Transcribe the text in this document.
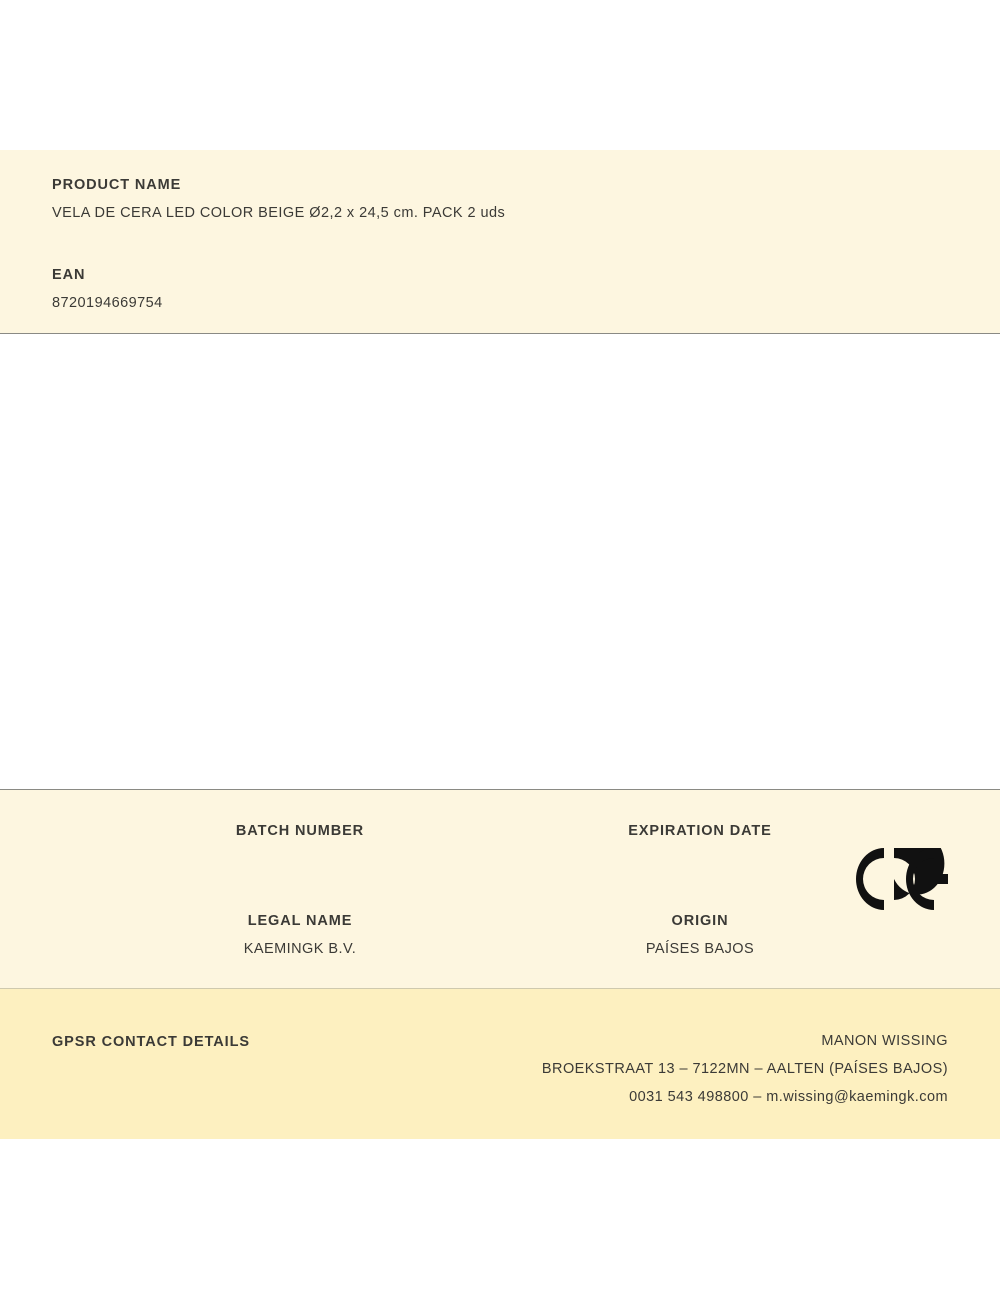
PRODUCT NAME

VELA DE CERA LED COLOR BEIGE Ø2,2 x 24,5 cm. PACK 2 uds

EAN

8720194669754

BATCH NUMBER	EXPIRATION DATE

LEGAL NAME

KAEMINGK B.V.

ORIGIN

PAÍSES BAJOS

GPSR CONTACT DETAILS	MANON WISSING

BROEKSTRAAT 13 – 7122MN – AALTEN (PAÍSES BAJOS)

0031 543 498800 – m.wissing@kaemingk.com
